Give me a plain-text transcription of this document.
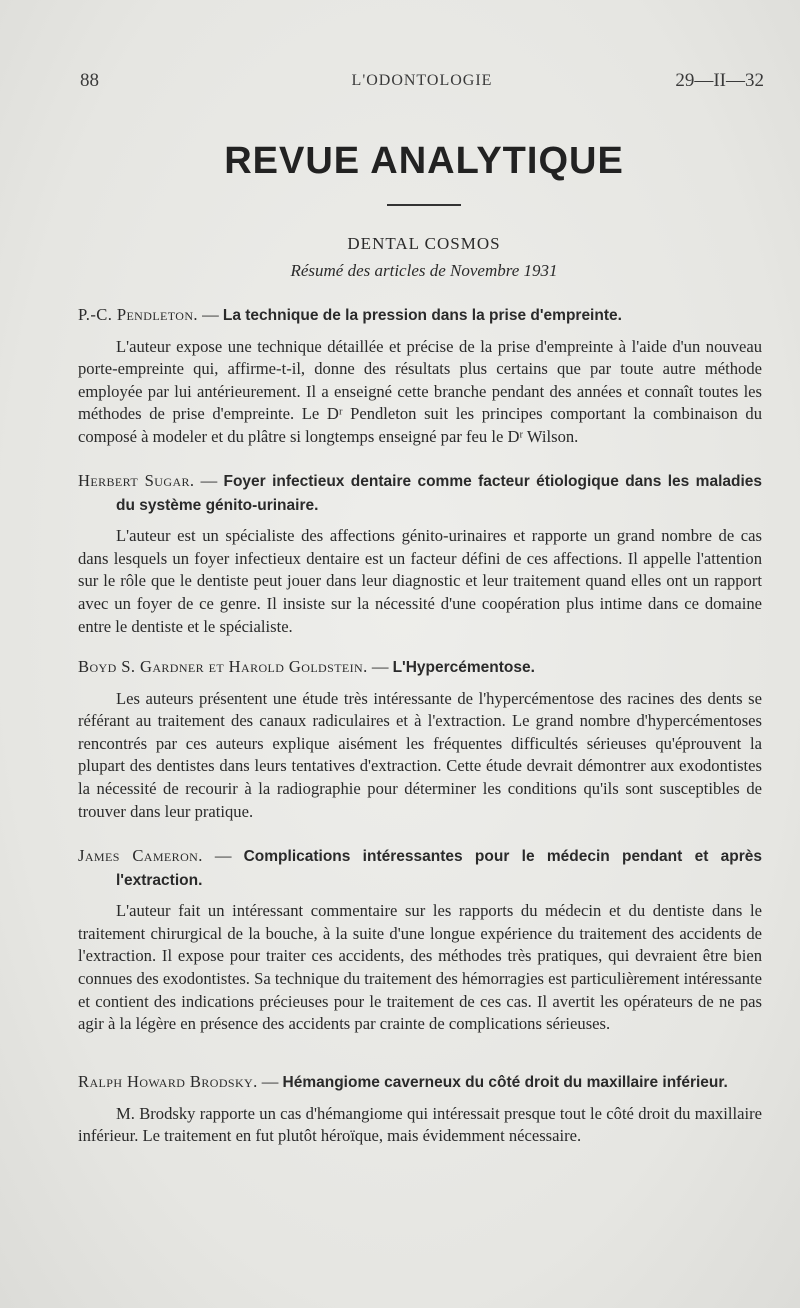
88	L'ODONTOLOGIE	29—II—32
REVUE ANALYTIQUE
DENTAL COSMOS
Résumé des articles de Novembre 1931
P.-C. Pendleton. — La technique de la pression dans la prise d'empreinte.
L'auteur expose une technique détaillée et précise de la prise d'empreinte à l'aide d'un nouveau porte-empreinte qui, affirme-t-il, donne des résultats plus certains que par toute autre méthode employée par lui antérieurement. Il a enseigné cette branche pendant des années et connaît toutes les méthodes de prise d'empreinte. Le Dʳ Pendleton suit les principes comportant la combinaison du composé à modeler et du plâtre si longtemps enseigné par feu le Dʳ Wilson.
Herbert Sugar. — Foyer infectieux dentaire comme facteur étiologique dans les maladies du système génito-urinaire.
L'auteur est un spécialiste des affections génito-urinaires et rapporte un grand nombre de cas dans lesquels un foyer infectieux dentaire est un facteur défini de ces affections. Il appelle l'attention sur le rôle que le dentiste peut jouer dans leur diagnostic et leur traitement quand elles ont un rapport avec un foyer de ce genre. Il insiste sur la nécessité d'une coopération plus intime dans ce domaine entre le dentiste et le spécialiste.
Boyd S. Gardner et Harold Goldstein. — L'Hypercémentose.
Les auteurs présentent une étude très intéressante de l'hypercémentose des racines des dents se référant au traitement des canaux radiculaires et à l'extraction. Le grand nombre d'hypercémentoses rencontrés par ces auteurs explique aisément les fréquentes difficultés sérieuses qu'éprouvent la plupart des dentistes dans leurs tentatives d'extraction. Cette étude devrait démontrer aux exodontistes la nécessité de recourir à la radiographie pour déterminer les conditions qu'ils sont susceptibles de trouver dans leur pratique.
James Cameron. — Complications intéressantes pour le médecin pendant et après l'extraction.
L'auteur fait un intéressant commentaire sur les rapports du médecin et du dentiste dans le traitement chirurgical de la bouche, à la suite d'une longue expérience du traitement des accidents de l'extraction. Il expose pour traiter ces accidents, des méthodes très pratiques, qui devraient être bien connues des exodontistes. Sa technique du traitement des hémorragies est particulièrement intéressante et contient des indications précieuses pour le traitement de ces cas. Il avertit les opérateurs de ne pas agir à la légère en présence des accidents par crainte de complications sérieuses.
Ralph Howard Brodsky. — Hémangiome caverneux du côté droit du maxillaire inférieur.
M. Brodsky rapporte un cas d'hémangiome qui intéressait presque tout le côté droit du maxillaire inférieur. Le traitement en fut plutôt héroïque, mais évidemment nécessaire.
